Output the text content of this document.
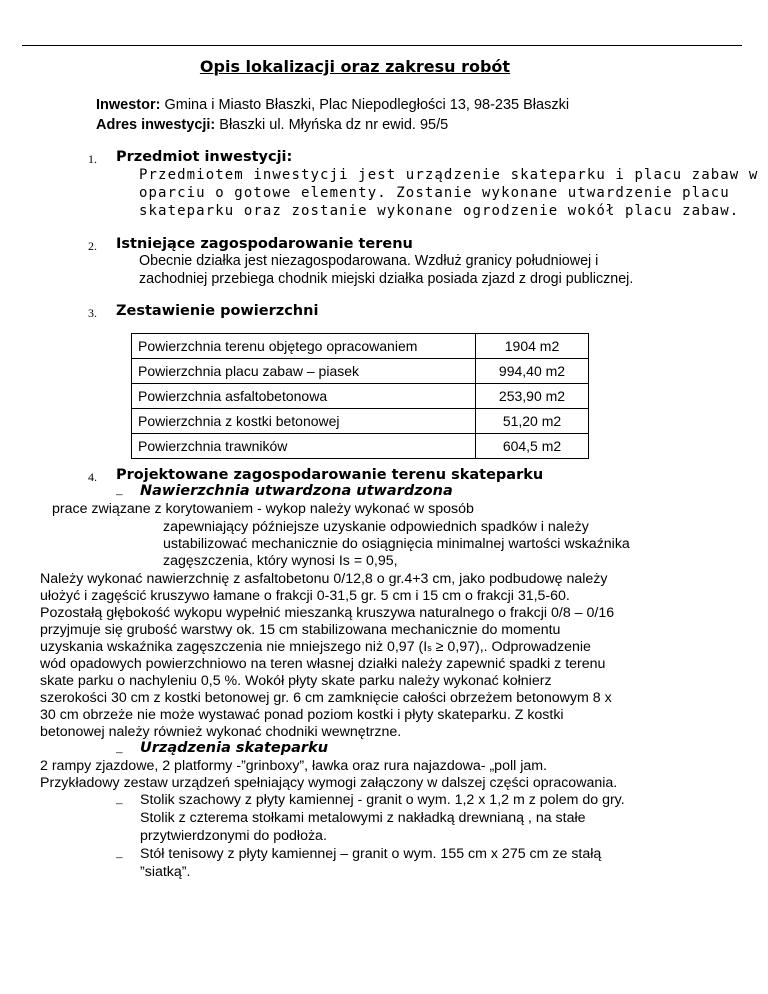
Opis lokalizacji oraz zakresu robót
Inwestor: Gmina i Miasto Błaszki, Plac Niepodległości 13, 98-235 Błaszki
Adres inwestycji: Błaszki ul. Młyńska dz nr ewid. 95/5
1. Przedmiot inwestycji:
Przedmiotem inwestycji jest urządzenie skateparku i placu zabaw w
oparciu o gotowe elementy. Zostanie wykonane utwardzenie placu
skateparku oraz zostanie wykonane ogrodzenie wokół placu zabaw.
2. Istniejące zagospodarowanie terenu
Obecnie działka jest niezagospodarowana. Wzdłuż granicy południowej i
zachodniej przebiega chodnik miejski działka posiada zjazd z drogi publicznej.
3. Zestawienie powierzchni
Powierzchnia terenu objętego opracowaniem	1904 m2
Powierzchnia placu zabaw – piasek	994,40 m2
Powierzchnia asfaltobetonowa	253,90 m2
Powierzchnia z kostki betonowej	51,20 m2
Powierzchnia trawników	604,5 m2
4. Projektowane zagospodarowanie terenu skateparku
– Nawierzchnia utwardzona utwardzona
prace związane z korytowaniem - wykop należy wykonać w sposób
zapewniający późniejsze uzyskanie odpowiednich spadków i należy
ustabilizować mechanicznie do osiągnięcia minimalnej wartości wskaźnika
zagęszczenia, który wynosi Is = 0,95,
Należy wykonać nawierzchnię z asfaltobetonu 0/12,8 o gr.4+3 cm, jako podbudowę należy
ułożyć i zagęścić kruszywo łamane o frakcji 0-31,5 gr. 5 cm i 15 cm o frakcji 31,5-60.
Pozostałą głębokość wykopu wypełnić mieszanką kruszywa naturalnego o frakcji 0/8 – 0/16
przyjmuje się grubość warstwy ok. 15 cm stabilizowana mechanicznie do momentu
uzyskania wskaźnika zagęszczenia nie mniejszego niż 0,97 (Is ≥ 0,97),. Odprowadzenie
wód opadowych powierzchniowo na teren własnej działki należy zapewnić spadki z terenu
skate parku o nachyleniu 0,5 %. Wokół płyty skate parku należy wykonać kołnierz
szerokości 30 cm z kostki betonowej gr. 6 cm zamknięcie całości obrzeżem betonowym 8 x
30 cm obrzeże nie może wystawać ponad poziom kostki i płyty skateparku. Z kostki
betonowej należy również wykonać chodniki wewnętrzne.
– Urządzenia skateparku
2 rampy zjazdowe, 2 platformy -”grinboxy”, ławka oraz rura najazdowa- „poll jam.
Przykładowy zestaw urządzeń spełniający wymogi załączony w dalszej części opracowania.
– Stolik szachowy z płyty kamiennej - granit o wym. 1,2 x 1,2 m z polem do gry.
Stolik z czterema stołkami metalowymi z nakładką drewnianą , na stałe
przytwierdzonymi do podłoża.
– Stół tenisowy z płyty kamiennej – granit o wym. 155 cm x 275 cm ze stałą
”siatką”.
